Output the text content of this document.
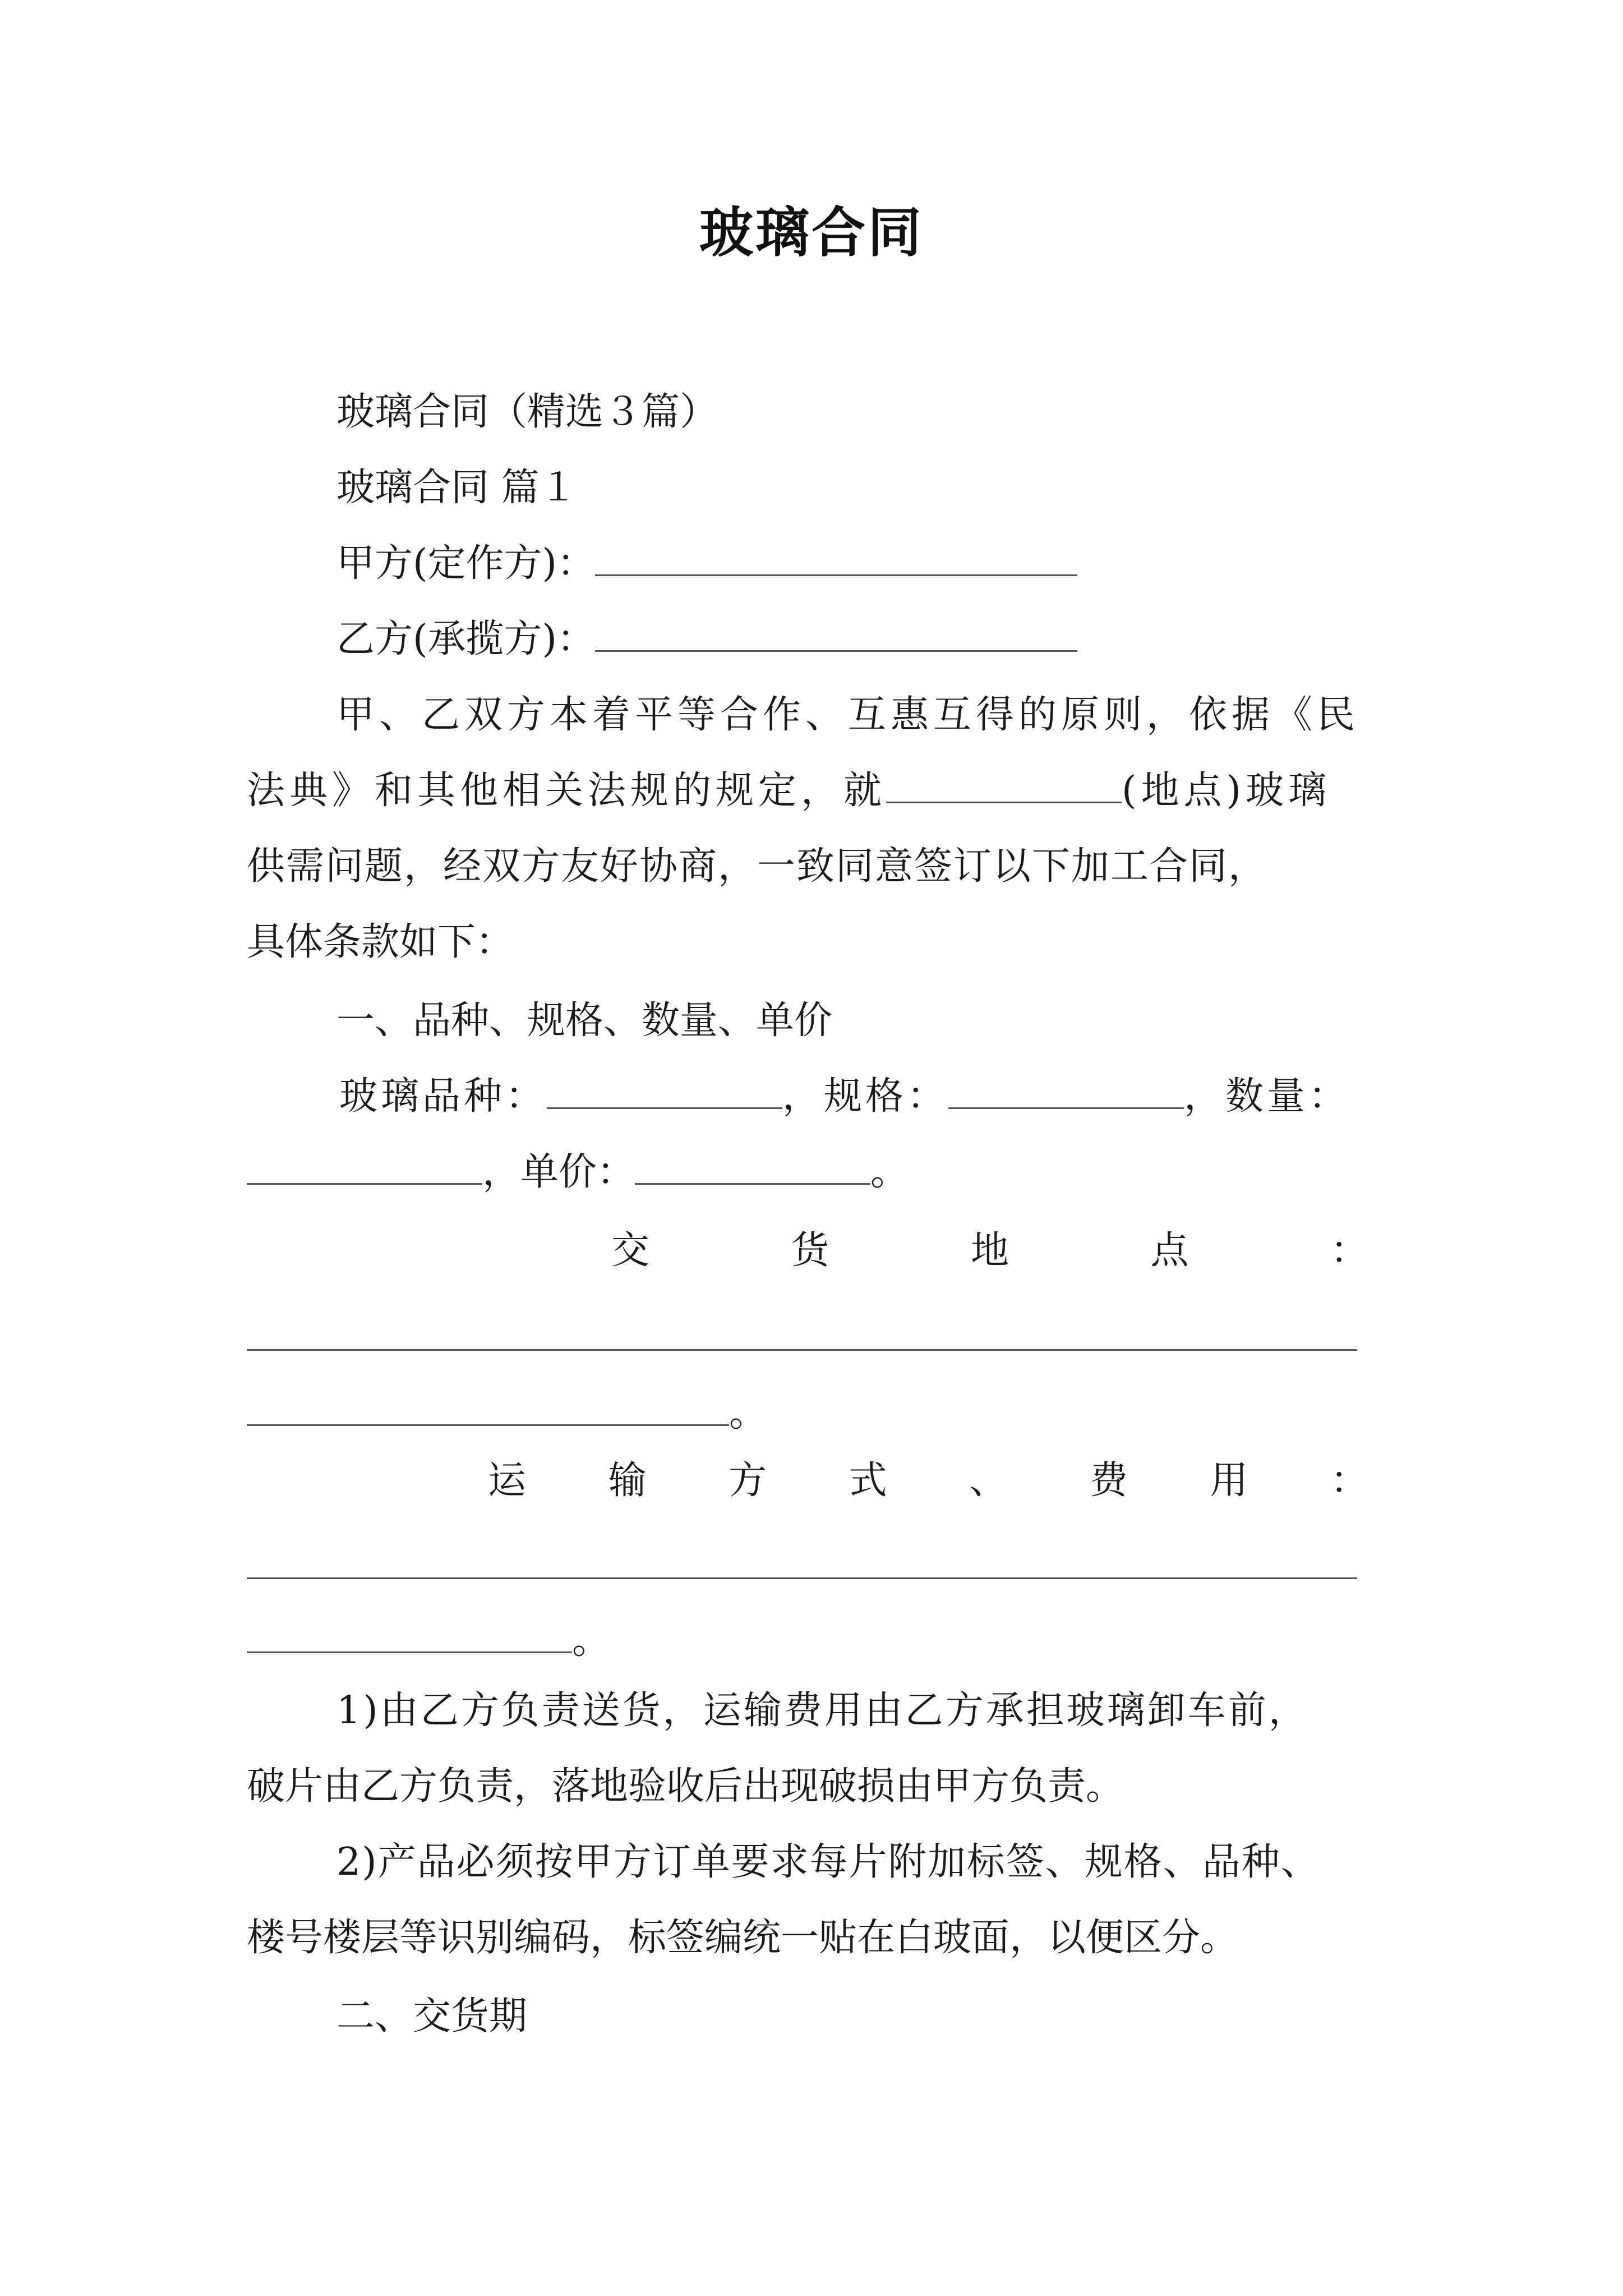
玻璃合同
玻璃合同（精选３篇）
玻璃合同 篇１
甲方(定作方)：
乙方(承揽方)：
甲、乙双方本着平等合作、互惠互得的原则，依据《民
法典》和其他相关法规的规定，就	(地点)玻璃
供需问题，经双方友好协商，一致同意签订以下加工合同，
具体条款如下：
一、品种、规格、数量、单价
玻璃品种：	，规格：	，数量：
，单价：	。
交	货	地	点	：
。
运 输 方 式 、 费 用 ：
。
1)由乙方负责送货，运输费用由乙方承担玻璃卸车前，
破片由乙方负责，落地验收后出现破损由甲方负责。
2)产品必须按甲方订单要求每片附加标签、规格、品种、
楼号楼层等识别编码，标签编统一贴在白玻面，以便区分。
二、交货期
